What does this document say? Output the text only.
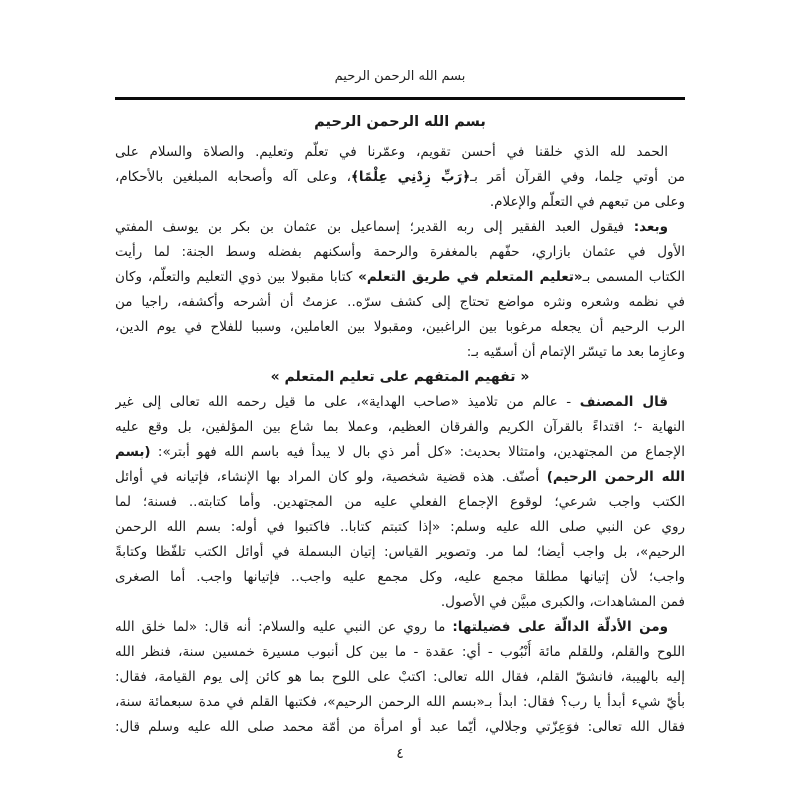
بسم الله الرحمن الرحيم
بسم الله الرحمن الرحيم
الحمد لله الذي خلقنا في أحسن تقويم، وعمّرنا في تعلّم وتعليم. والصلاة والسلام على
من أوتي حِلما، وفي القرآن أمَر بـ﴿رَبِّ زِدْنِي عِلْمًا﴾، وعلى آله وأصحابه المبلغين بالأحكام،
وعلى من تبعهم في التعلّم والإعلام.
وبعد: فيقول العبد الفقير إلى ربه القدير؛ إسماعيل بن عثمان بن بكر بن يوسف المفتي
الأول في عثمان بازاري، حفّهم بالمغفرة والرحمة وأسكنهم بفضله وسط الجنة: لما رأيت
الكتاب المسمى بـ«تعليم المتعلم في طريق التعلم» كتابا مقبولا بين ذوي التعليم والتعلّم، وكان
في نظمه وشعره ونثره مواضع تحتاج إلى كشف سرّه.. عزمتُ أن أشرحه وأكشفه، راجيا من
الرب الرحيم أن يجعله مرغوبا بين الراغبين، ومقبولا بين العاملين، وسببا للفلاح في يوم الدين،
وعازِما بعد ما تيسّر الإتمام أن أسمّيه بـ:
« تفهيم المتفهم على تعليم المتعلم »
قال المصنف - عالم من تلاميذ «صاحب الهداية»، على ما قيل رحمه الله تعالى إلى غير
النهاية -؛ اقتداءً بالقرآن الكريم والفرقان العظيم، وعملا بما شاع بين المؤلفين، بل وقع عليه
الإجماع من المجتهدين، وامتثالا بحديث: «كل أمر ذي بال لا يبدأ فيه باسم الله فهو أبتر»: (بسم
الله الرحمن الرحيم) أصنّف. هذه قضية شخصية، ولو كان المراد بها الإنشاء، فإتيانه في أوائل
الكتب واجب شرعي؛ لوقوع الإجماع الفعلي عليه من المجتهدين. وأما كتابته.. فسنة؛ لما
روي عن النبي صلى الله عليه وسلم: «إذا كتبتم كتابا.. فاكتبوا في أوله: بسم الله الرحمن
الرحيم»، بل واجب أيضا؛ لما مر. وتصوير القياس: إتيان البسملة في أوائل الكتب تلفّظا وكتابةً
واجب؛ لأن إتيانها مطلقا مجمع عليه، وكل مجمع عليه واجب.. فإتيانها واجب. أما الصغرى
فمن المشاهدات، والكبرى مبيَّن في الأصول.
ومن الأدلّة الدالّة على فضيلتها: ما روي عن النبي عليه والسلام: أنه قال: «لما خلق الله
اللوح والقلم، وللقلم مائة أُنْبُوب - أي: عقدة - ما بين كل أنبوب مسيرة خمسين سنة، فنظر الله
إليه بالهيبة، فانشقّ القلم، فقال الله تعالى: اكتبْ على اللوح بما هو كائن إلى يوم القيامة، فقال:
بأيّ شيء أبدأ يا رب؟ فقال: ابدأ بـ«بسم الله الرحمن الرحيم»، فكتبها القلم في مدة سبعمائة سنة،
فقال الله تعالى: فوَعِزّتي وجلالي، أيّما عبد أو امرأة من أمّة محمد صلى الله عليه وسلم قال:
٤
